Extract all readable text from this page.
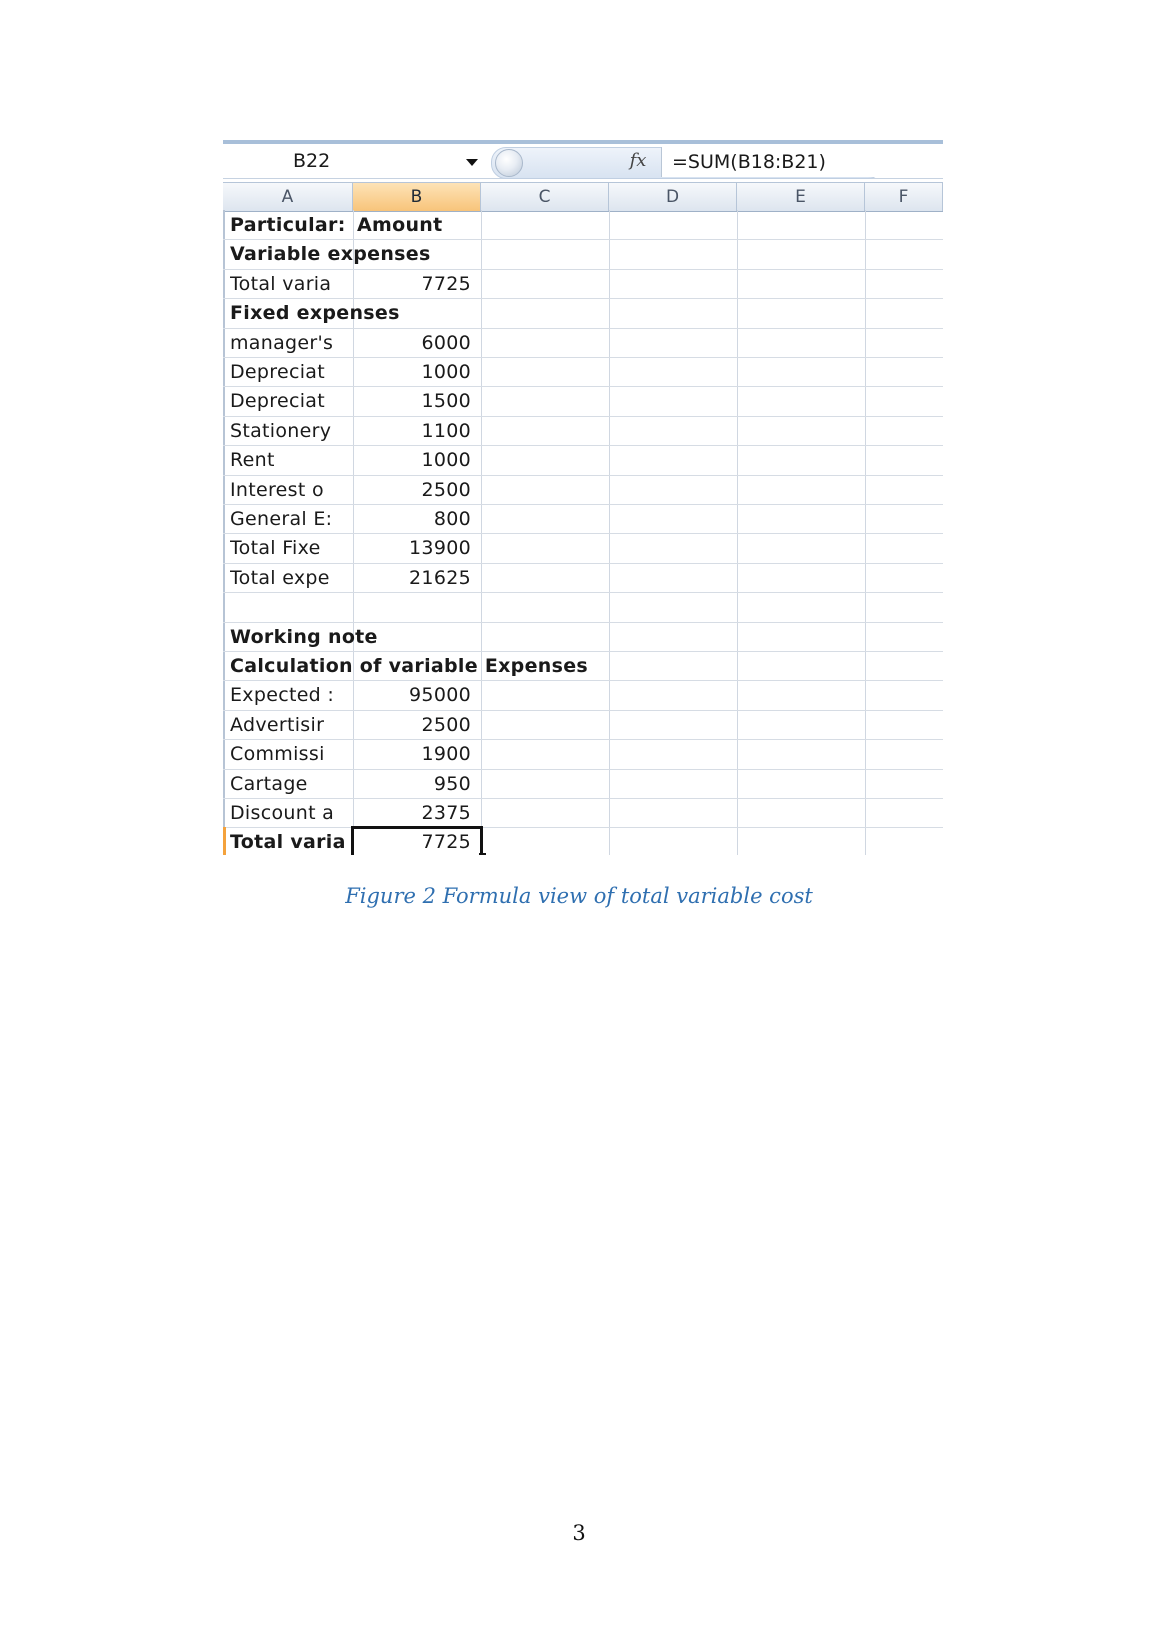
B22	fx	=SUM(B18:B21)
A	B	C	D	E	F
Particular: Amount
Variable expenses
Total varia	7725
Fixed expenses
manager's	6000
Depreciat	1000
Depreciat	1500
Stationery	1100
Rent	1000
Interest o	2500
General E:	800
Total Fixe	13900
Total expe	21625
Working note
Calculation of variable Expenses
Expected :	95000
Advertisir	2500
Commissi	1900
Cartage	950
Discount a	2375
Total varia	7725
Figure 2 Formula view of total variable cost
3
